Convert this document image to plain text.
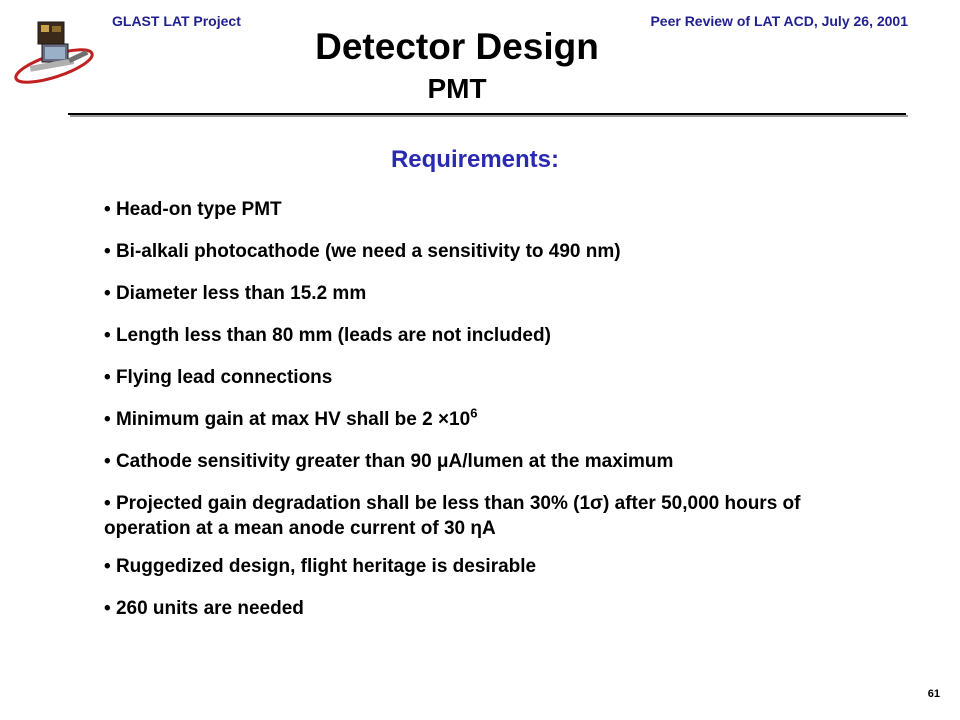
GLAST LAT Project	Peer Review of LAT ACD, July 26, 2001
Detector Design
PMT
Requirements:
• Head-on type PMT
• Bi-alkali photocathode (we need a sensitivity to 490 nm)
• Diameter less than 15.2 mm
• Length less than 80 mm (leads are not included)
• Flying lead connections
• Minimum gain at max HV shall be $2 \times 10^6$
• Cathode sensitivity greater than 90 μA/lumen at the maximum
• Projected gain degradation shall be less than 30% (1σ) after 50,000 hours of operation at a mean anode current of 30 ηA
• Ruggedized design, flight heritage is desirable
• 260 units are needed
61
